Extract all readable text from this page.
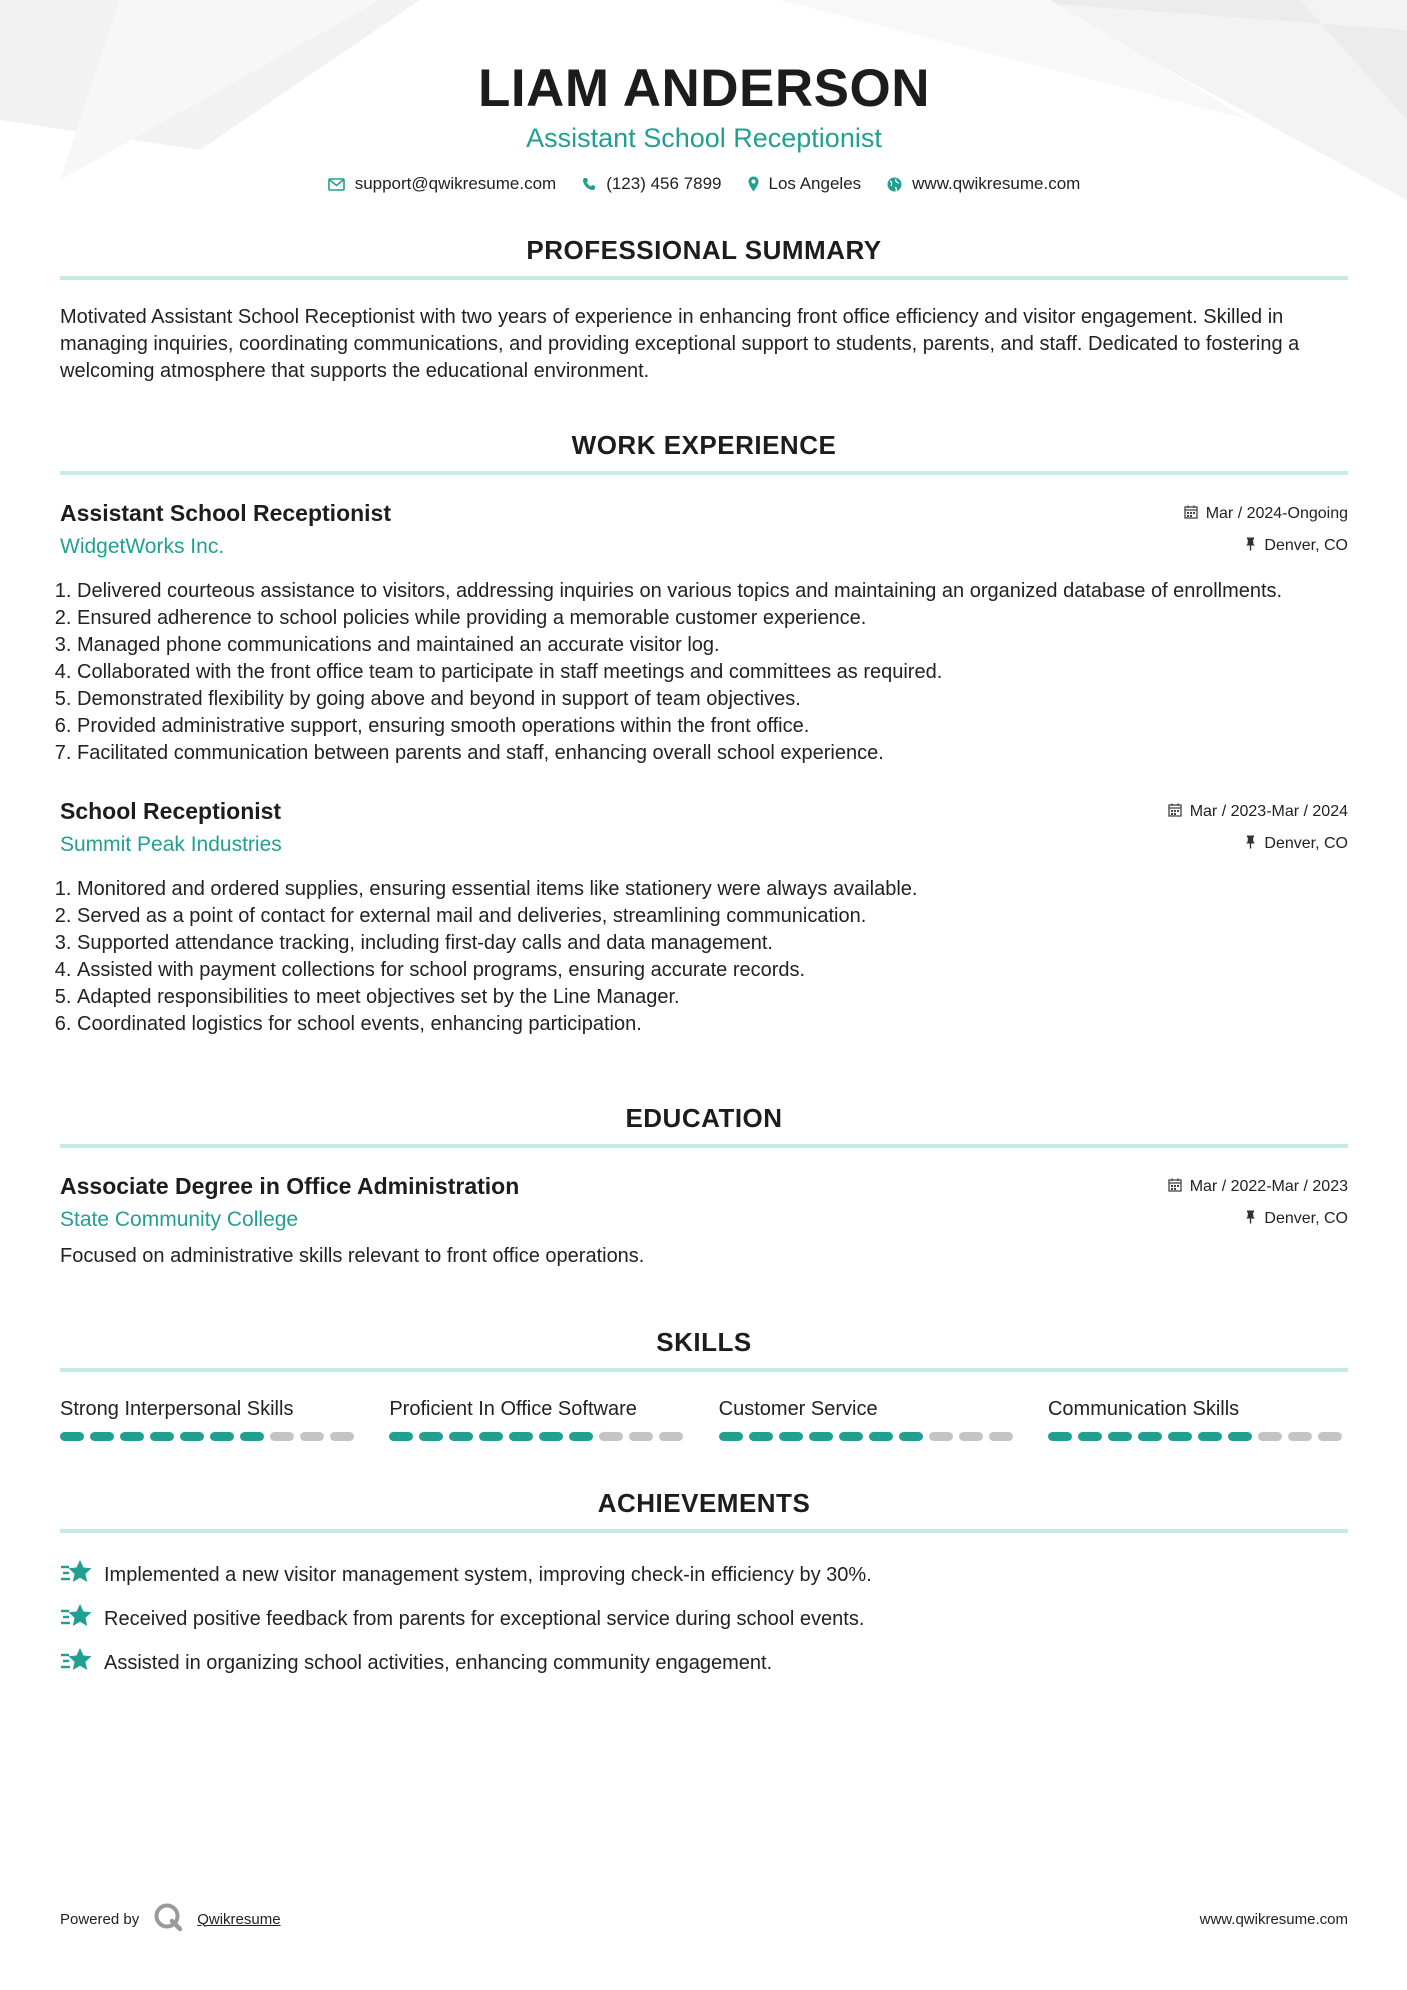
LIAM ANDERSON
Assistant School Receptionist
support@qwikresume.com	(123) 456 7899	Los Angeles	www.qwikresume.com
PROFESSIONAL SUMMARY
Motivated Assistant School Receptionist with two years of experience in enhancing front office efficiency and visitor engagement. Skilled in managing inquiries, coordinating communications, and providing exceptional support to students, parents, and staff. Dedicated to fostering a welcoming atmosphere that supports the educational environment.
WORK EXPERIENCE
Assistant School Receptionist
WidgetWorks Inc.
Mar / 2024-Ongoing
Denver, CO
1. Delivered courteous assistance to visitors, addressing inquiries on various topics and maintaining an organized database of enrollments.
2. Ensured adherence to school policies while providing a memorable customer experience.
3. Managed phone communications and maintained an accurate visitor log.
4. Collaborated with the front office team to participate in staff meetings and committees as required.
5. Demonstrated flexibility by going above and beyond in support of team objectives.
6. Provided administrative support, ensuring smooth operations within the front office.
7. Facilitated communication between parents and staff, enhancing overall school experience.
School Receptionist
Summit Peak Industries
Mar / 2023-Mar / 2024
Denver, CO
1. Monitored and ordered supplies, ensuring essential items like stationery were always available.
2. Served as a point of contact for external mail and deliveries, streamlining communication.
3. Supported attendance tracking, including first-day calls and data management.
4. Assisted with payment collections for school programs, ensuring accurate records.
5. Adapted responsibilities to meet objectives set by the Line Manager.
6. Coordinated logistics for school events, enhancing participation.
EDUCATION
Associate Degree in Office Administration
State Community College
Mar / 2022-Mar / 2023
Denver, CO
Focused on administrative skills relevant to front office operations.
SKILLS
Strong Interpersonal Skills	Proficient In Office Software	Customer Service	Communication Skills
ACHIEVEMENTS
Implemented a new visitor management system, improving check-in efficiency by 30%.
Received positive feedback from parents for exceptional service during school events.
Assisted in organizing school activities, enhancing community engagement.
Powered by	Qwikresume	www.qwikresume.com
